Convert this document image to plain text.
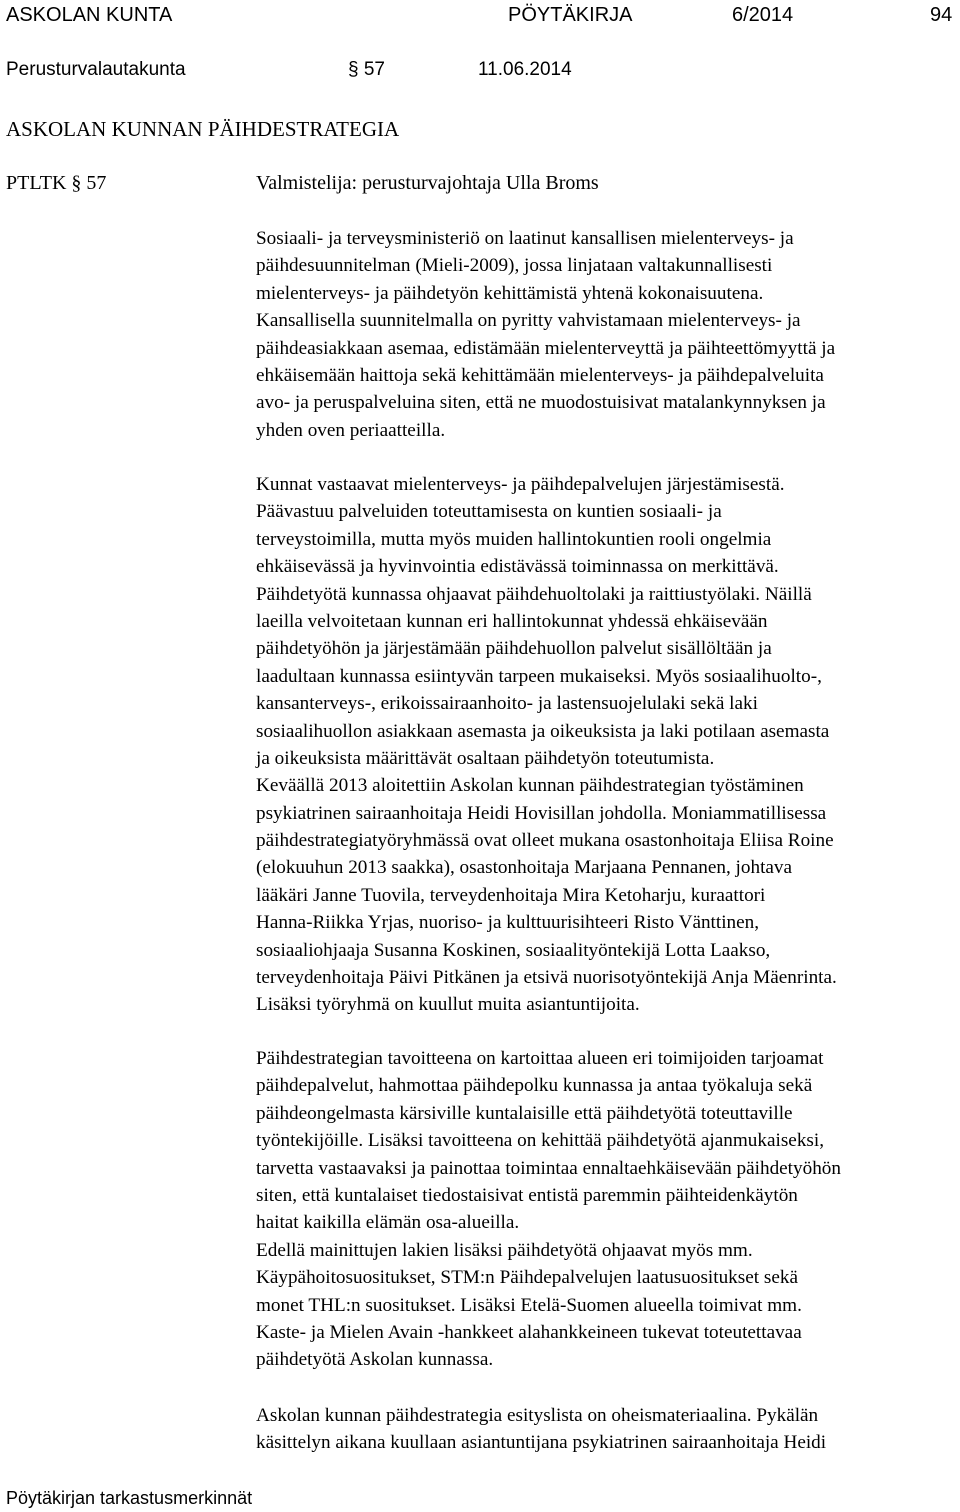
ASKOLAN KUNTA	PÖYTÄKIRJA	6/2014	94
Perusturvalautakunta	§ 57	11.06.2014
ASKOLAN KUNNAN PÄIHDESTRATEGIA
PTLTK § 57	Valmistelija: perusturvajohtaja Ulla Broms
Sosiaali- ja terveysministeriö on laatinut kansallisen mielenterveys- ja
päihdesuunnitelman (Mieli-2009), jossa linjataan valtakunnallisesti
mielenterveys- ja päihdetyön kehittämistä yhtenä kokonaisuutena.
Kansallisella suunnitelmalla on pyritty vahvistamaan mielenterveys- ja
päihdeasiakkaan asemaa, edistämään mielenterveyttä ja päihteettömyyttä ja
ehkäisemään haittoja sekä kehittämään mielenterveys- ja päihdepalveluita
avo- ja peruspalveluina siten, että ne muodostuisivat matalankynnyksen ja
yhden oven periaatteilla.
Kunnat vastaavat mielenterveys- ja päihdepalvelujen järjestämisestä.
Päävastuu palveluiden toteuttamisesta on kuntien sosiaali- ja
terveystoimilla, mutta myös muiden hallintokuntien rooli ongelmia
ehkäisevässä ja hyvinvointia edistävässä toiminnassa on merkittävä.
Päihdetyötä kunnassa ohjaavat päihdehuoltolaki ja raittiustyölaki. Näillä
laeilla velvoitetaan kunnan eri hallintokunnat yhdessä ehkäisevään
päihdetyöhön ja järjestämään päihdehuollon palvelut sisällöltään ja
laadultaan kunnassa esiintyvän tarpeen mukaiseksi. Myös sosiaalihuolto-,
kansanterveys-, erikoissairaanhoito- ja lastensuojelulaki sekä laki
sosiaalihuollon asiakkaan asemasta ja oikeuksista ja laki potilaan asemasta
ja oikeuksista määrittävät osaltaan päihdetyön toteutumista.
Keväällä 2013 aloitettiin Askolan kunnan päihdestrategian työstäminen
psykiatrinen sairaanhoitaja Heidi Hovisillan johdolla. Moniammatillisessa
päihdestrategiatyöryhmässä ovat olleet mukana osastonhoitaja Eliisa Roine
(elokuuhun 2013 saakka), osastonhoitaja Marjaana Pennanen, johtava
lääkäri Janne Tuovila, terveydenhoitaja Mira Ketoharju, kuraattori
Hanna-Riikka Yrjas, nuoriso- ja kulttuurisihteeri Risto Vänttinen,
sosiaaliohjaaja Susanna Koskinen, sosiaalityöntekijä Lotta Laakso,
terveydenhoitaja Päivi Pitkänen ja etsivä nuorisotyöntekijä Anja Mäenrinta.
Lisäksi työryhmä on kuullut muita asiantuntijoita.
Päihdestrategian tavoitteena on kartoittaa alueen eri toimijoiden tarjoamat
päihdepalvelut, hahmottaa päihdepolku kunnassa ja antaa työkaluja sekä
päihdeongelmasta kärsiville kuntalaisille että päihdetyötä toteuttaville
työntekijöille. Lisäksi tavoitteena on kehittää päihdetyötä ajanmukaiseksi,
tarvetta vastaavaksi ja painottaa toimintaa ennaltaehkäisevään päihdetyöhön
siten, että kuntalaiset tiedostaisivat entistä paremmin päihteidenkäytön
haitat kaikilla elämän osa-alueilla.
Edellä mainittujen lakien lisäksi päihdetyötä ohjaavat myös mm.
Käypähoitosuositukset, STM:n Päihdepalvelujen laatusuositukset sekä
monet THL:n suositukset. Lisäksi Etelä-Suomen alueella toimivat mm.
Kaste- ja Mielen Avain -hankkeet alahankkeineen tukevat toteutettavaa
päihdetyötä Askolan kunnassa.
Askolan kunnan päihdestrategia esityslista on oheismateriaalina. Pykälän
käsittelyn aikana kuullaan asiantuntijana psykiatrinen sairaanhoitaja Heidi
Pöytäkirjan tarkastusmerkinnät
